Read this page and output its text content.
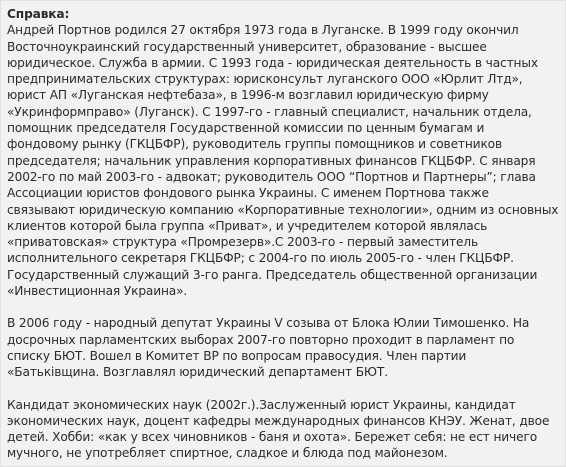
Справка:

Андрей Портнов родился 27 октября 1973 года в Луганске. В 1999 году окончил Восточноукраинский государственный университет, образование - высшее юридическое. Служба в армии. С 1993 года - юридическая деятельность в частных предпринимательских структурах: юрисконсульт луганского ООО «Юрлит Лтд», юрист АП «Луганская нефтебаза», в 1996-м возглавил юридическую фирму «Укринформправо» (Луганск). С 1997-го - главный специалист, начальник отдела, помощник председателя Государственной комиссии по ценным бумагам и фондовому рынку (ГКЦБФР), руководитель группы помощников и советников председателя; начальник управления корпоративных финансов ГКЦБФР. С января 2002-го по май 2003-го - адвокат; руководитель ООО “Портнов и Партнеры”; глава Ассоциации юристов фондового рынка Украины. С именем Портнова также связывают юридическую компанию «Корпоративные технологии», одним из основных клиентов которой была группа «Приват», и учредителем которой являлась «приватовская» структура «Промрезерв».С 2003-го - первый заместитель исполнительного секретаря ГКЦБФР; с 2004-го по июль 2005-го - член ГКЦБФР. Государственный служащий 3-го ранга. Председатель общественной организации «Инвестиционная Украина».

В 2006 году - народный депутат Украины V созыва от Блока Юлии Тимошенко. На досрочных парламентских выборах 2007-го повторно проходит в парламент по списку БЮТ. Вошел в Комитет ВР по вопросам правосудия. Член партии «Батьківщина. Возглавлял юридический департамент БЮТ.

Кандидат экономических наук (2002г.).Заслуженный юрист Украины, кандидат экономических наук, доцент кафедры международных финансов КНЭУ. Женат, двое детей. Хобби: «как у всех чиновников - баня и охота». Бережет себя: не ест ничего мучного, не употребляет спиртное, сладкое и блюда под майонезом.
